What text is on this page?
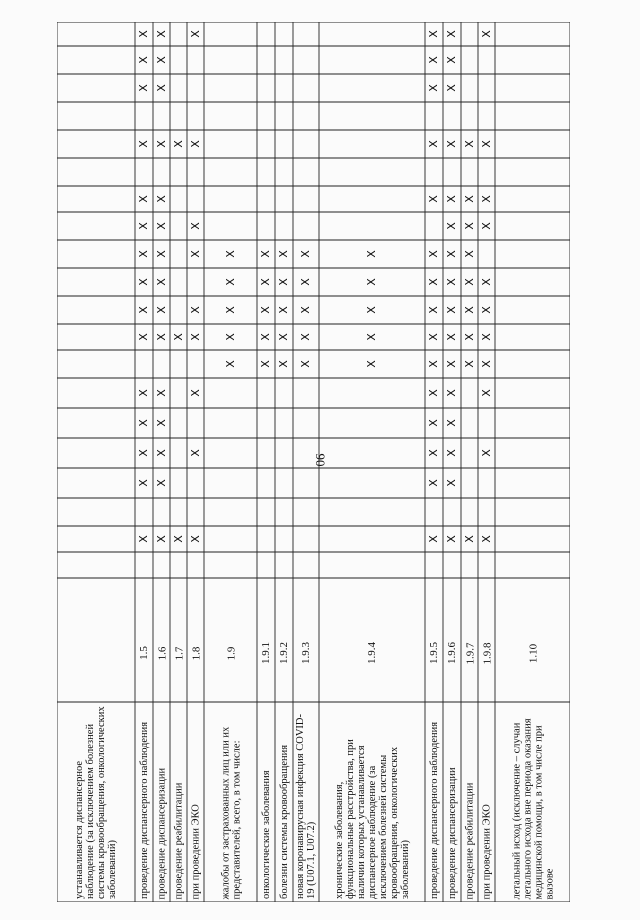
90
устанавливается диспансерное наблюдение (за исключением болезней системы кровообращения, онкологических заболеваний) проведение диспансерного наблюдения
1.5
Х
Х
Х
Х
Х
Х
Х
Х
Х
Х
Х
Х
Х
Х
Х
проведение диспансеризации
1.6
Х
Х
Х
Х
Х
Х
Х
Х
Х
Х
Х
Х
Х
Х
Х
проведение реабилитации
1.7
Х
Х
Х
при проведении ЭКО
1.8
Х
Х
Х
Х
Х
Х
Х
Х
Х
жалобы от застрахованных лиц или их представителей, всего, в том числе:
1.9
Х
Х
Х
Х
Х
онкологические заболевания
1.9.1
Х
Х
Х
Х
Х
болезни системы кровообращения
1.9.2
Х
Х
Х
Х
Х
новая коронавирусная инфекция COVID-19 (U07.1, U07.2)
1.9.3
Х
Х
Х
Х
Х
хронические заболевания, функциональные расстройства, при наличии которых устанавливается диспансерное наблюдение (за исключением болезней системы кровообращения, онкологических заболеваний)
1.9.4
Х
Х
Х
Х
Х
проведение диспансерного наблюдения
1.9.5
Х
Х
Х
Х
Х
Х
Х
Х
Х
Х
Х
Х
Х
Х
Х
проведение диспансеризации
1.9.6
Х
Х
Х
Х
Х
Х
Х
Х
Х
Х
Х
Х
Х
Х
Х
Х
проведение реабилитации
1.9.7
Х
Х
Х
Х
Х
Х
Х
Х
Х
при проведении ЭКО
1.9.8
Х
Х
Х
Х
Х
Х
Х
Х
Х
Х
Х
летальный исход (исключение – случаи летального исхода вне периода оказания медицинской помощи, в том числе при вызове
1.10
